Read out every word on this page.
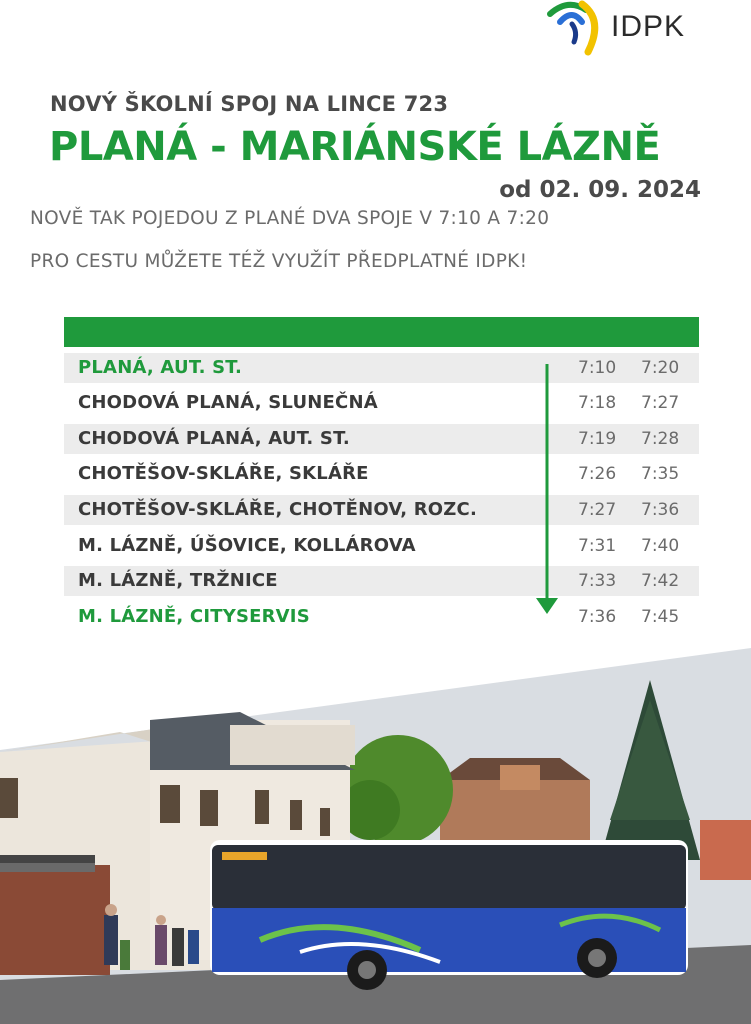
IDPK
NOVÝ ŠKOLNÍ SPOJ NA LINCE 723
PLANÁ - MARIÁNSKÉ LÁZNĚ
od 02. 09. 2024
NOVĚ TAK POJEDOU Z PLANÉ DVA SPOJE V 7:10 A 7:20
PRO CESTU MŮŽETE TÉŽ VYUŽÍT PŘEDPLATNÉ IDPK!
PLANÁ, AUT. ST.	7:10 7:20
CHODOVÁ PLANÁ, SLUNEČNÁ	7:18 7:27
CHODOVÁ PLANÁ, AUT. ST.	7:19 7:28
CHOTĚŠOV-SKLÁŘE, SKLÁŘE	7:26 7:35
CHOTĚŠOV-SKLÁŘE, CHOTĚNOV, ROZC.	7:27 7:36
M. LÁZNĚ, ÚŠOVICE, KOLLÁROVA	7:31 7:40
M. LÁZNĚ, TRŽNICE	7:33 7:42
M. LÁZNĚ, CITYSERVIS	7:36 7:45
